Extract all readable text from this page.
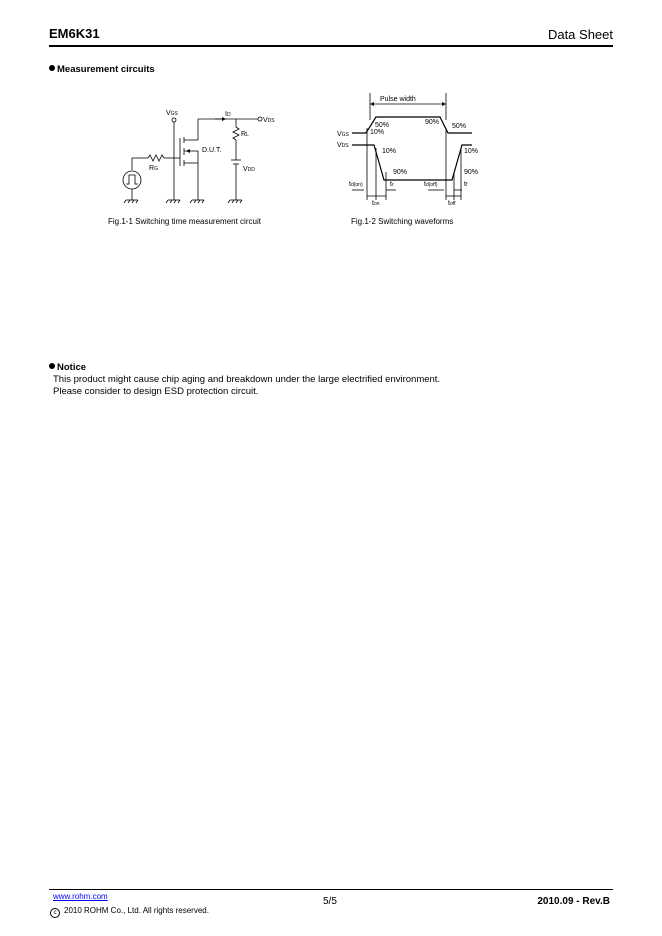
EM6K31	Data Sheet
Measurement circuits
VGS	ID
VDS
RL
D.U.T.
RG	VDD
Pulse width
VGS
VDS
50%
10%
90%
50%
10%
90%
10%
90%
td(on)	tr	td(off)	tf
ton	toff
Fig.1-1 Switching time measurement circuit	Fig.1-2 Switching waveforms
Notice
This product might cause chip aging and breakdown under the large electrified environment.
Please consider to design ESD protection circuit.
www.rohm.com
c 2010 ROHM Co., Ltd. All rights reserved.
5/5	2010.09 - Rev.B
